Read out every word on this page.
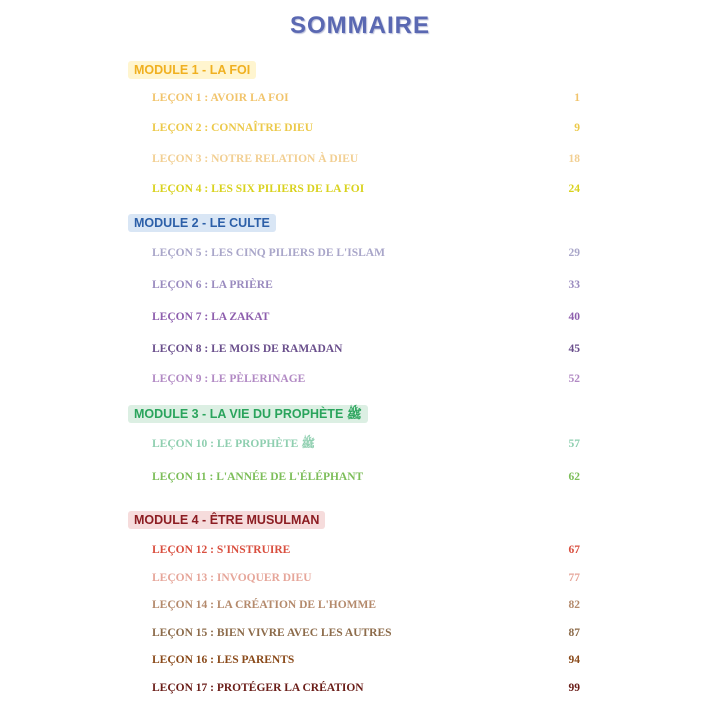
SOMMAIRE
MODULE 1 - LA FOI
LEÇON 1 : AVOIR LA FOI	1
LEÇON 2 : CONNAÎTRE DIEU	9
LEÇON 3 : NOTRE RELATION À DIEU	18
LEÇON 4 : LES SIX PILIERS DE LA FOI	24
MODULE 2 - LE CULTE
LEÇON 5 : LES CINQ PILIERS DE L'ISLAM	29
LEÇON 6 : LA PRIÈRE	33
LEÇON 7 : LA ZAKAT	40
LEÇON 8 : LE MOIS DE RAMADAN	45
LEÇON 9 : LE PÈLERINAGE	52
MODULE 3 - LA VIE DU PROPHÈTE ﷺ
LEÇON 10 : LE PROPHÈTE ﷺ	57
LEÇON 11 : L'ANNÉE DE L'ÉLÉPHANT	62
MODULE 4 - ÊTRE MUSULMAN
LEÇON 12 : S'INSTRUIRE	67
LEÇON 13 : INVOQUER DIEU	77
LEÇON 14 : LA CRÉATION DE L'HOMME	82
LEÇON 15 : BIEN VIVRE AVEC LES AUTRES	87
LEÇON 16 : LES PARENTS	94
LEÇON 17 : PROTÉGER LA CRÉATION	99
